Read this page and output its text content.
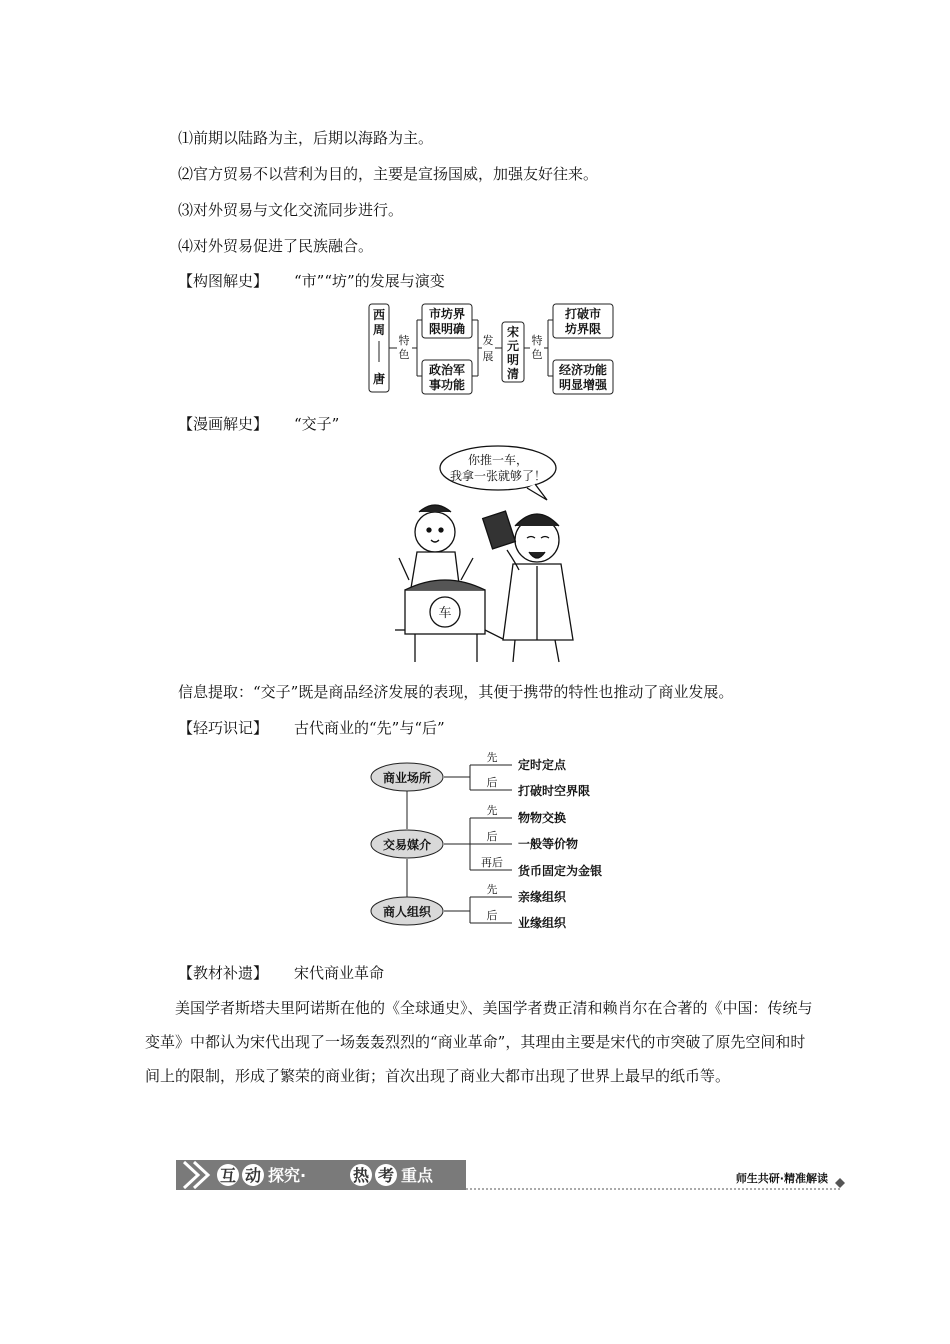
⑴前期以陆路为主，后期以海路为主。
⑵官方贸易不以营利为目的，主要是宣扬国威，加强友好往来。
⑶对外贸易与文化交流同步进行。
⑷对外贸易促进了民族融合。
【构图解史】 “市”“坊”的发展与演变
西
周
唐
特
色
市坊界
限明确
政治军
事功能
发
展
宋
元
明
清
特
色
打破市
坊界限
经济功能
明显增强
【漫画解史】 “交子”
你推一车，
我拿一张就够了！
车
信息提取：“交子”既是商品经济发展的表现，其便于携带的特性也推动了商业发展。
【轻巧识记】 古代商业的“先”与“后”
商业场所
交易媒介
商人组织
先
后
先
后
再后
先
后
定时定点
打破时空界限
物物交换
一般等价物
货币固定为金银
亲缘组织
业缘组织
【教材补遗】 宋代商业革命
美国学者斯塔夫里阿诺斯在他的《全球通史》、美国学者费正清和赖肖尔在合著的《中国：传统与变革》中都认为宋代出现了一场轰轰烈烈的“商业革命”，其理由主要是宋代的市突破了原先空间和时间上的限制，形成了繁荣的商业街；首次出现了商业大都市出现了世界上最早的纸币等。
互 动 探究·	热 考 重点	师生共研·精准解读
